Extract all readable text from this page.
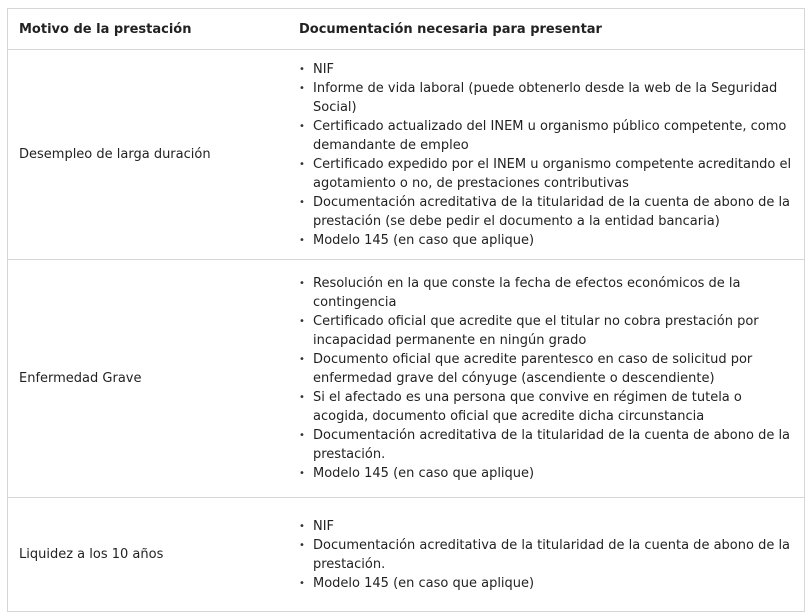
Motivo de la prestación	Documentación necesaria para presentar
Desempleo de larga duración
• NIF
• Informe de vida laboral (puede obtenerlo desde la web de la Seguridad Social)
• Certificado actualizado del INEM u organismo público competente, como demandante de empleo
• Certificado expedido por el INEM u organismo competente acreditando el agotamiento o no, de prestaciones contributivas
• Documentación acreditativa de la titularidad de la cuenta de abono de la prestación (se debe pedir el documento a la entidad bancaria)
• Modelo 145 (en caso que aplique)
Enfermedad Grave
• Resolución en la que conste la fecha de efectos económicos de la contingencia
• Certificado oficial que acredite que el titular no cobra prestación por incapacidad permanente en ningún grado
• Documento oficial que acredite parentesco en caso de solicitud por enfermedad grave del cónyuge (ascendiente o descendiente)
• Si el afectado es una persona que convive en régimen de tutela o acogida, documento oficial que acredite dicha circunstancia
• Documentación acreditativa de la titularidad de la cuenta de abono de la prestación.
• Modelo 145 (en caso que aplique)
Liquidez a los 10 años
• NIF
• Documentación acreditativa de la titularidad de la cuenta de abono de la prestación.
• Modelo 145 (en caso que aplique)
